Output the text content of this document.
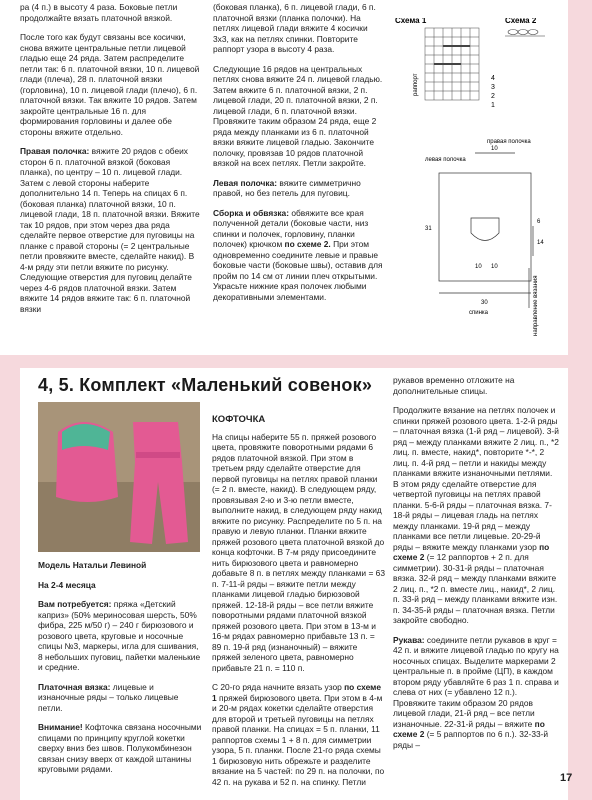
ра (4 п.) в высоту 4 раза. Боковые петли продолжайте вязать платочной вязкой.

После того как будут связаны все косички, снова вяжите центральные петли лицевой гладью еще 24 ряда. Затем распределите петли так: 6 п. платочной вязки, 10 п. лицевой глади (плеча), 28 п. платочной вязки (горловина), 10 п. лицевой глади (плечо), 6 п. платочной вязки. Так вяжите 10 рядов. Затем закройте центральные 16 п. для формирования горловины и далее обе стороны вяжите отдельно.

Правая полочка: вяжите 20 рядов с обеих сторон 6 п. платочной вязкой (боковая планка), по центру – 10 п. лицевой глади. Затем с левой стороны наберите дополнительно 14 п. Теперь на спицах 6 п. (боковая планка) платочной вязки, 10 п. лицевой глади, 18 п. платочной вязки. Вяжите так 10 рядов, при этом через два ряда сделайте первое отверстие для пуговицы на планке с правой стороны (= 2 центральные петли провяжите вместе, сделайте накид). В 4-м ряду эти петли вяжите по рисунку. Следующие отверстия для пуговиц делайте через 4-6 рядов платочной вязки. Затем вяжите 14 рядов вяжите так: 6 п. платочной вязки

(боковая планка), 6 п. лицевой глади, 6 п. платочной вязки (планка полочки). На петлях лицевой глади вяжите 4 косички 3х3, как на петлях спинки. Повторите раппорт узора в высоту 4 раза.

Следующие 16 рядов на центральных петлях снова вяжите 24 п. лицевой гладью. Затем вяжите 6 п. платочной вязки, 2 п. лицевой глади, 20 п. платочной вязки, 2 п. лицевой глади, 6 п. платочной вязки. Провяжите таким образом 24 ряда, еще 2 ряда между планками из 6 п. платочной вязки вяжите лицевой гладью. Закончите полочку, провязав 10 рядов платочной вязкой на всех петлях. Петли закройте.

Левая полочка: вяжите симметрично правой, но без петель для пуговиц.

Сборка и обвязка: обвяжите все края полученной детали (боковые части, низ спинки и полочек, горловину, планки полочек) крючком по схеме 2. При этом одновременно соедините левые и правые боковые части (боковые швы), оставив для пройм по 14 см от линии плеч открытыми. Украсьте нижние края полочек любыми декоративными элементами.

Схема 1	Схема 2
4
3
2
1
раппорт
правая полочка
левая полочка
10
31
6
14
10 10
30	направление вязания
спинка
4, 5. Комплект «Маленький совенок»

Модель Натальи Левиной

На 2-4 месяца

Вам потребуется: пряжа «Детский каприз» (50% мериносовая шерсть, 50% фибра, 225 м/50 г) – 240 г бирюзового и розового цвета, круговые и носочные спицы №3, маркеры, игла для сшивания, 8 небольших пуговиц, пайетки маленькие и средние.

Платочная вязка: лицевые и изнаночные ряды – только лицевые петли.

Внимание! Кофточка связана носочными спицами по принципу круглой кокетки сверху вниз без швов. Полукомбинезон связан снизу вверх от каждой штанины круговыми рядами.

КОФТОЧКА

На спицы наберите 55 п. пряжей розового цвета, провяжите поворотными рядами 6 рядов платочной вязкой. При этом в третьем ряду сделайте отверстие для первой пуговицы на петлях правой планки (= 2 п. вместе, накид). В следующем ряду, провязывая 2-ю и 3-ю петли вместе, выполните накид, в следующем ряду накид вяжите по рисунку. Распределите по 5 п. на правую и левую планки. Планки вяжите пряжей розового цвета платочной вязкой до конца кофточки. В 7-м ряду присоедините нить бирюзового цвета и равномерно добавьте 8 п. в петлях между планками = 63 п. 7-11-й ряды – вяжите петли между планками лицевой гладью бирюзовой пряжей. 12-18-й ряды – все петли вяжите поворотными рядами платочной вязкой пряжей розового цвета. При этом в 13-м и 16-м рядах равномерно прибавьте 13 п. = 89 п. 19-й ряд (изнаночный) – вяжите пряжей зеленого цвета, равномерно прибавьте 21 п. = 110 п.

С 20-го ряда начните вязать узор по схеме 1 пряжей бирюзового цвета. При этом в 4-м и 20-м рядах кокетки сделайте отверстия для второй и третьей пуговицы на петлях правой планки. На спицах = 5 п. планки, 11 раппортов схемы 1 + 8 п. для симметрии узора, 5 п. планки. После 21-го ряда схемы 1 бирюзовую нить обрежьте и разделите вязание на 5 частей: по 29 п. на полочки, по 42 п. на рукава и 52 п. на спинку. Петли

рукавов временно отложите на дополнительные спицы.

Продолжите вязание на петлях полочек и спинки пряжей розового цвета. 1-2-й ряды – платочная вязка (1-й ряд – лицевой). 3-й ряд – между планками вяжите 2 лиц. п., *2 лиц. п. вместе, накид*, повторите *-*, 2 лиц. п. 4-й ряд – петли и накиды между планками вяжите изнаночными петлями. В этом ряду сделайте отверстие для четвертой пуговицы на петлях правой планки. 5-6-й ряды – платочная вязка. 7-18-й ряды – лицевая гладь на петлях между планками. 19-й ряд – между планками все петли лицевые. 20-29-й ряды – вяжите между планками узор по схеме 2 (= 12 раппортов + 2 п. для симметрии). 30-31-й ряды – платочная вязка. 32-й ряд – между планками вяжите 2 лиц. п., *2 п. вместе лиц., накид*, 2 лиц. п. 33-й ряд – между планками вяжите изн. п. 34-35-й ряды – платочная вязка. Петли закройте свободно.

Рукава: соедините петли рукавов в круг = 42 п. и вяжите лицевой гладью по кругу на носочных спицах. Выделите маркерами 2 центральные п. в пройме (ЦП), в каждом втором ряду убавляйте 6 раз 1 п. справа и слева от них (= убавлено 12 п.). Провяжите таким образом 20 рядов лицевой глади, 21-й ряд – все петли изнаночные. 22-31-й ряды – вяжите по схеме 2 (= 5 раппортов по 6 п.). 32-33-й ряды –

17
